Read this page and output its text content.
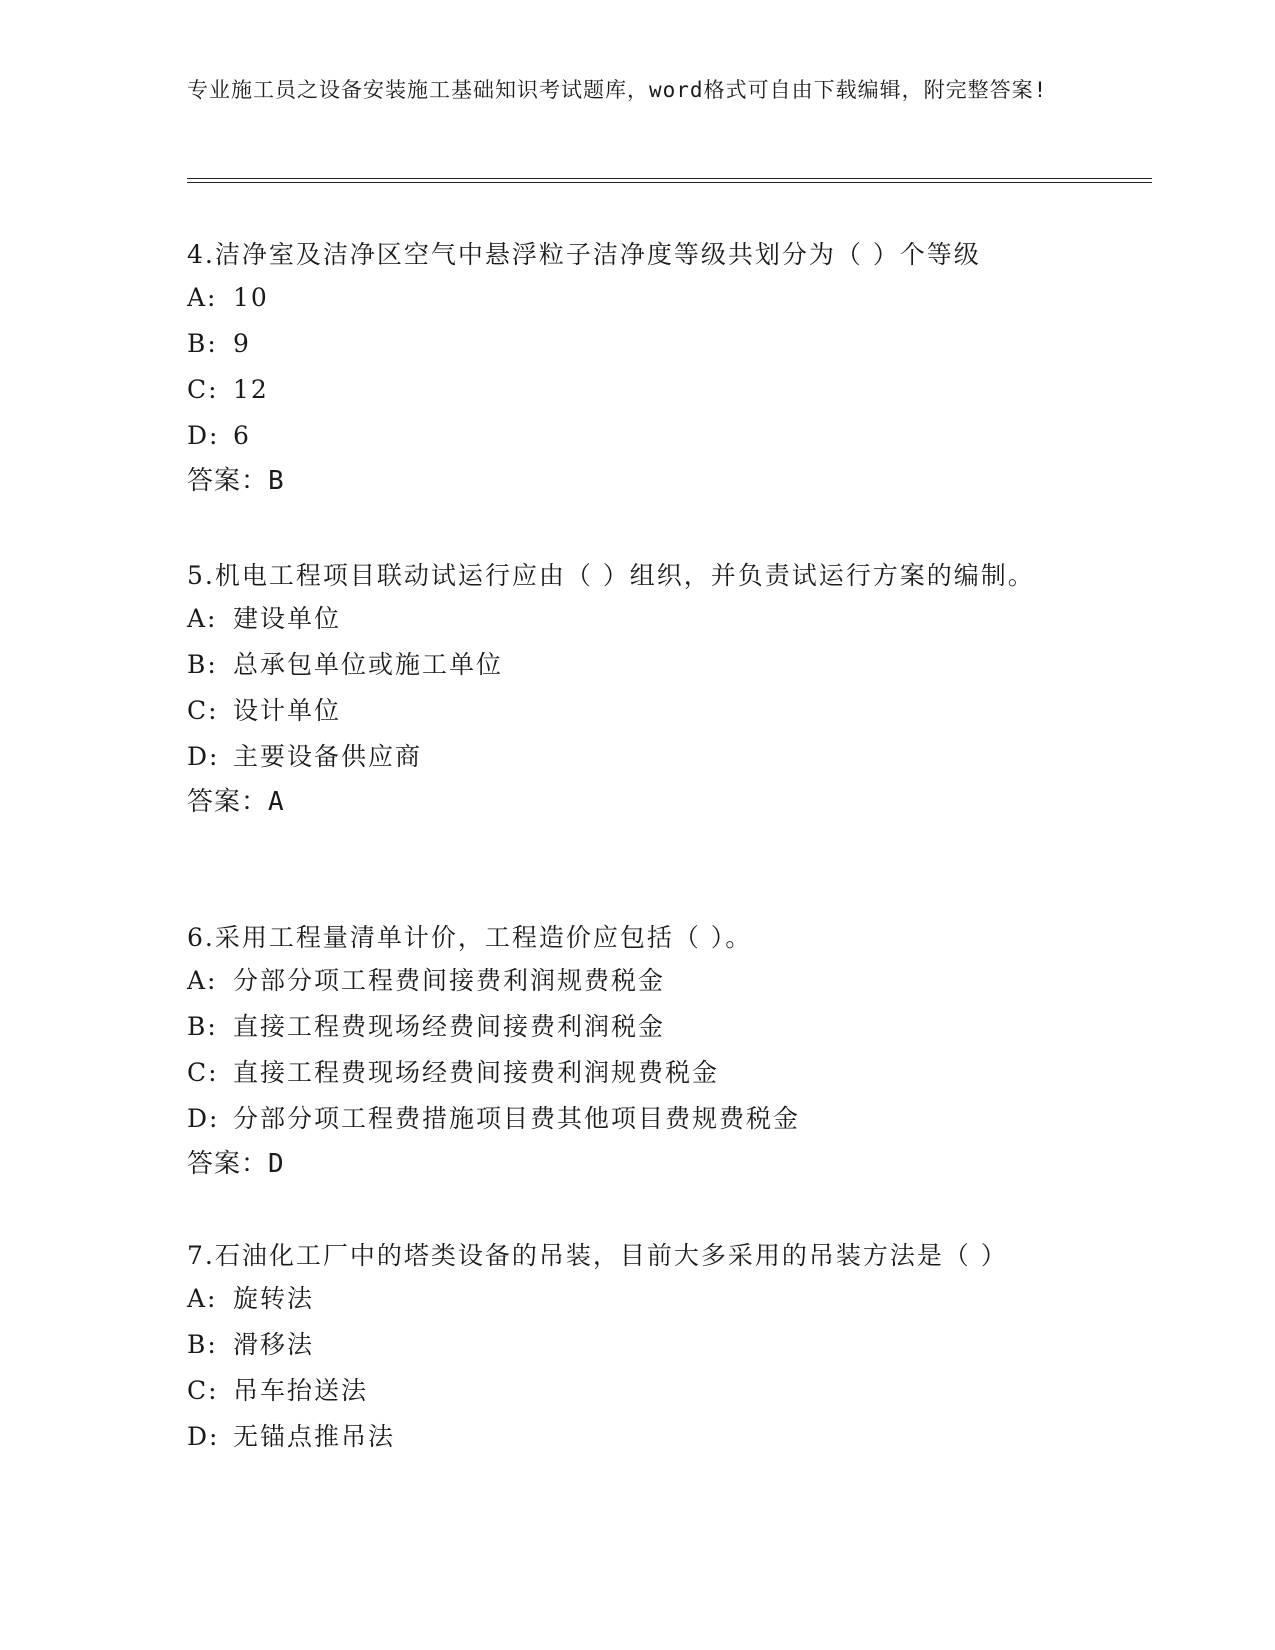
专业施工员之设备安装施工基础知识考试题库，word格式可自由下载编辑，附完整答案!

4.洁净室及洁净区空气中悬浮粒子洁净度等级共划分为（ ）个等级

A: 10

B: 9

C: 12

D: 6

答案：B

5.机电工程项目联动试运行应由（ ）组织，并负责试运行方案的编制。

A: 建设单位

B: 总承包单位或施工单位

C: 设计单位

D: 主要设备供应商

答案：A

6.采用工程量清单计价，工程造价应包括（ ）。

A: 分部分项工程费间接费利润规费税金

B: 直接工程费现场经费间接费利润税金

C: 直接工程费现场经费间接费利润规费税金

D: 分部分项工程费措施项目费其他项目费规费税金

答案：D

7.石油化工厂中的塔类设备的吊装，目前大多采用的吊装方法是（ ）

A: 旋转法

B: 滑移法

C: 吊车抬送法

D: 无锚点推吊法
